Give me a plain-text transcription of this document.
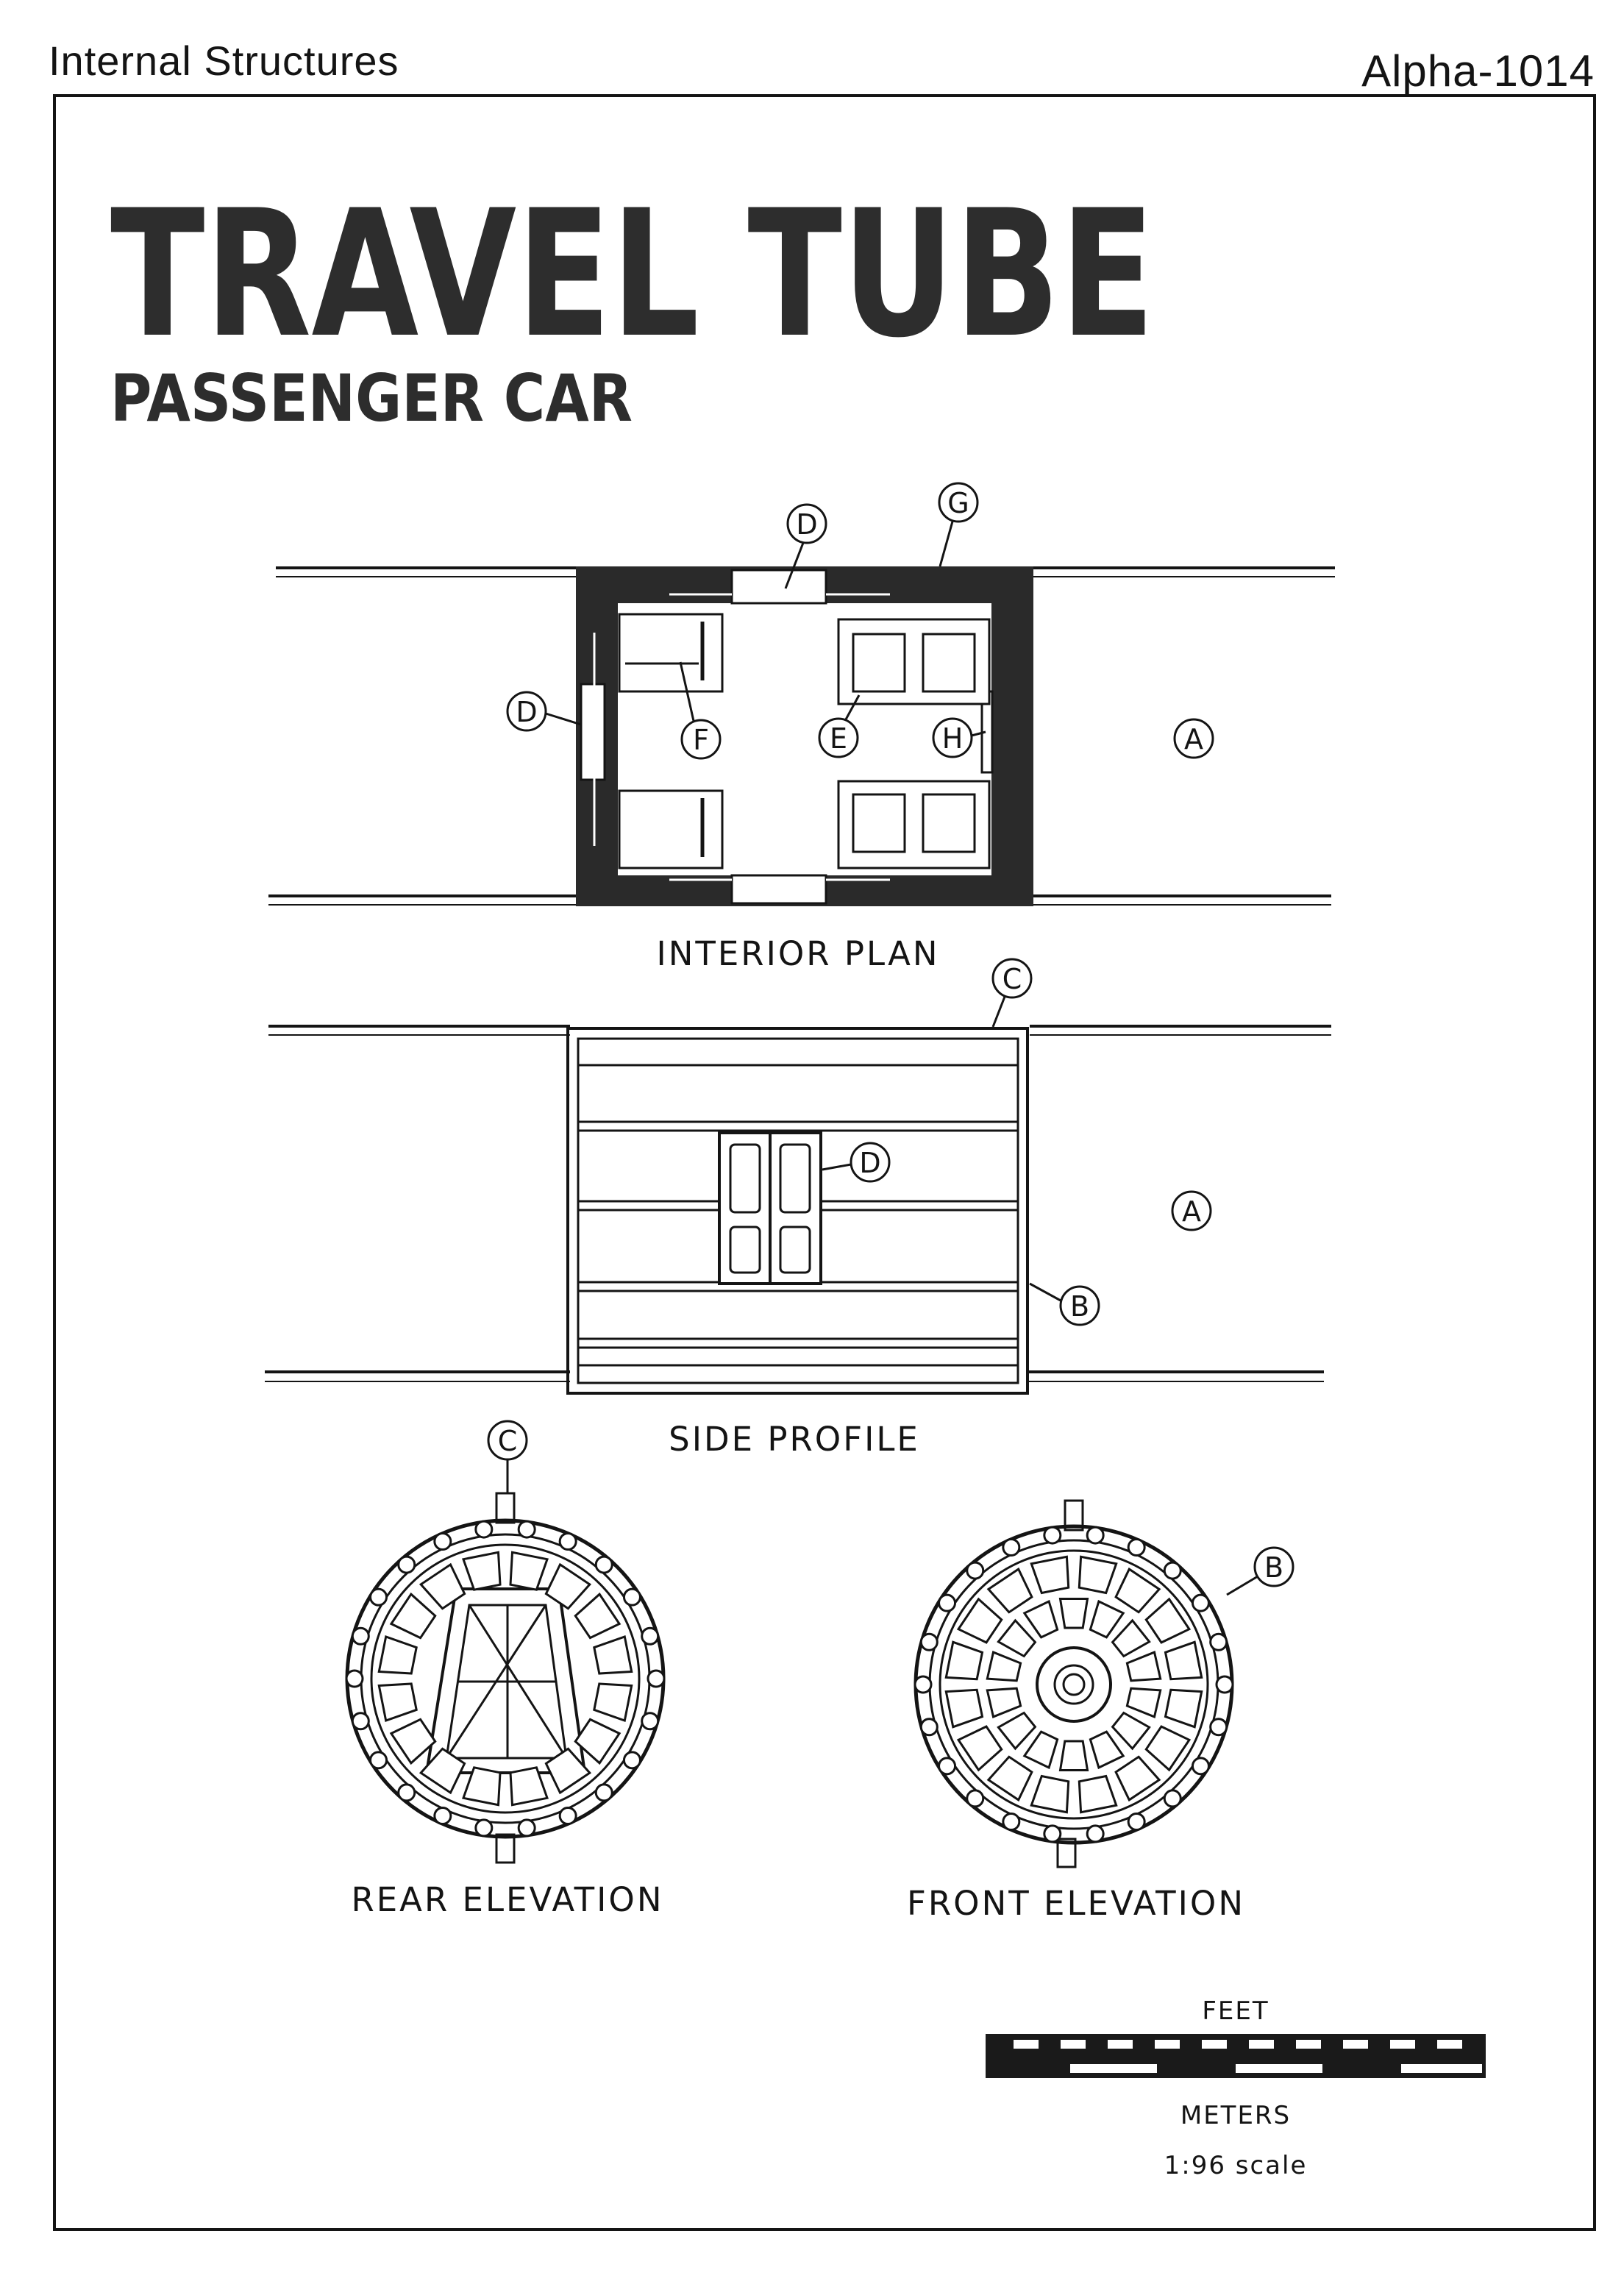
Internal Structures	Alpha-1014
TRAVEL TUBE
PASSENGER CAR
D
G
D
F	E	H	A
INTERIOR PLAN
C
D
A
B
SIDE PROFILE
C
B
REAR ELEVATION	FRONT ELEVATION
FEET
METERS
1:96 scale
